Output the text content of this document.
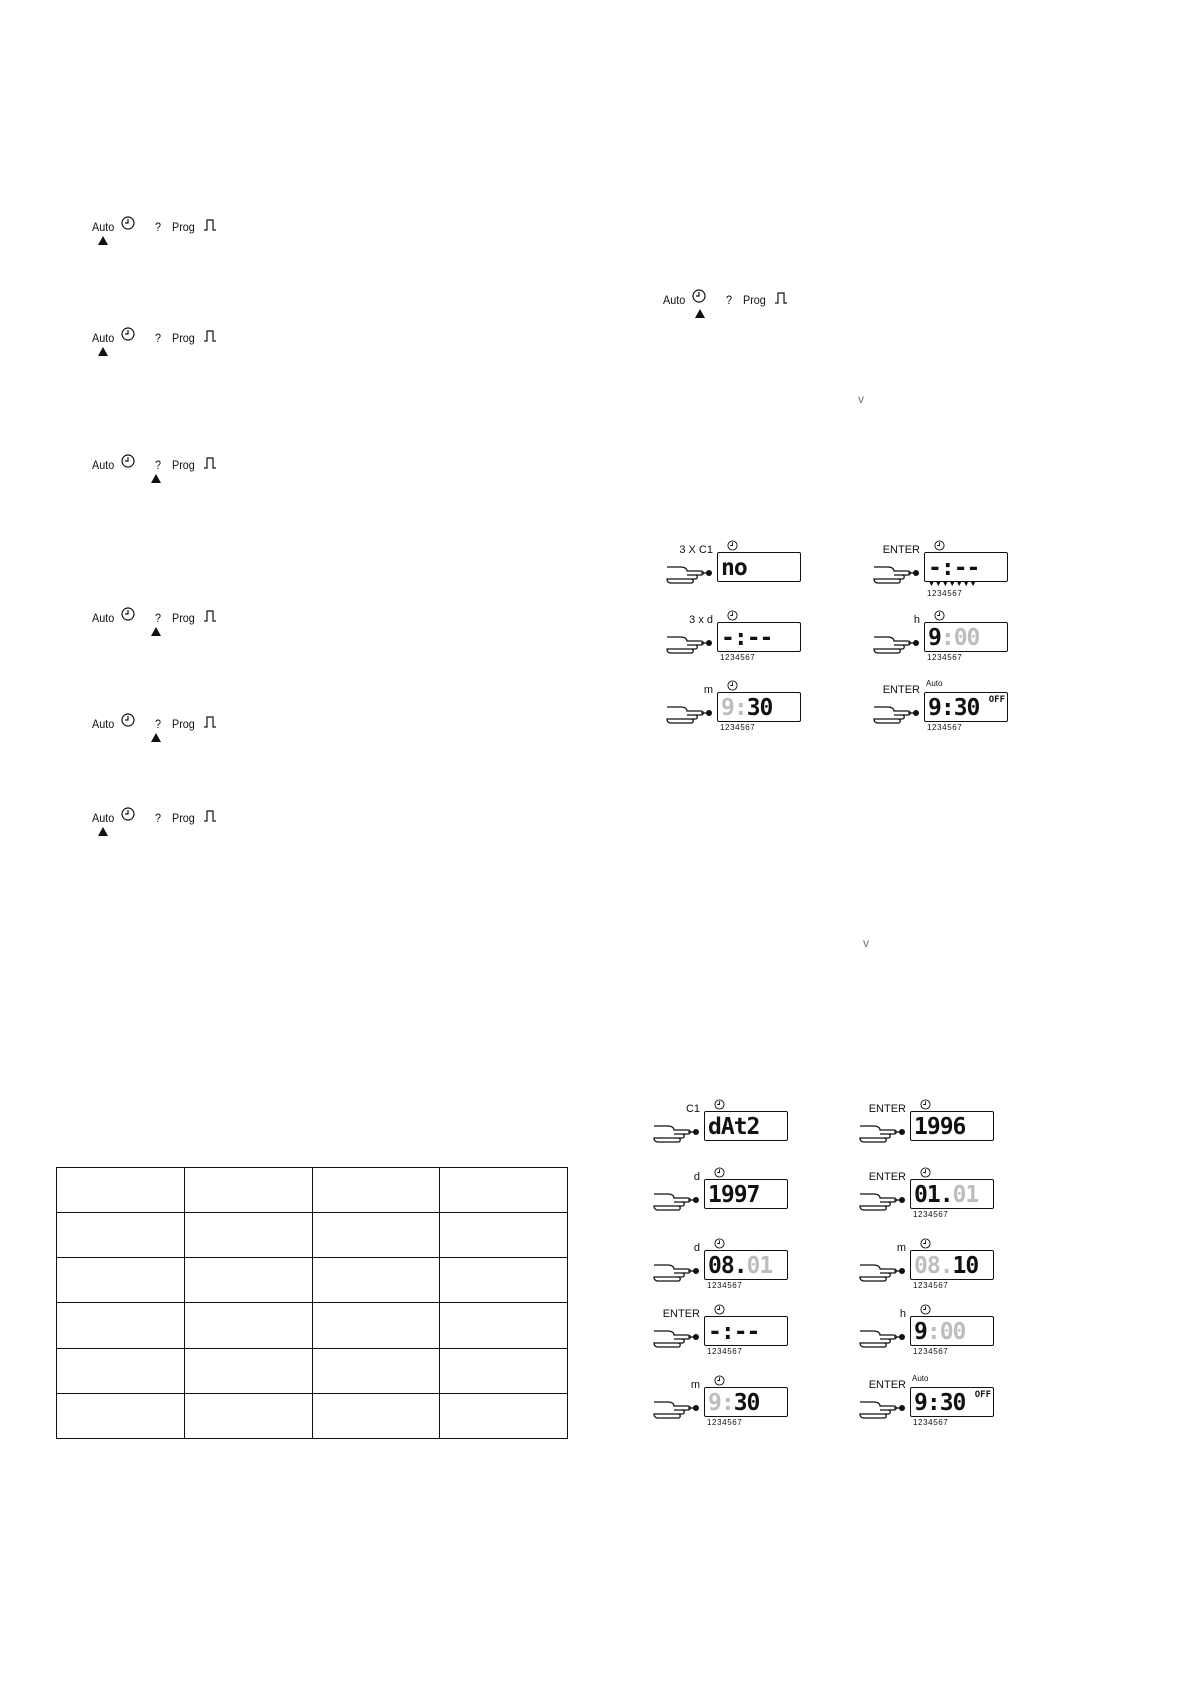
Auto	? Prog
Auto	? Prog
Auto	? Prog
Auto	? Prog
Auto	? Prog
Auto	? Prog
Auto	? Prog
v
v

3 X C1
no
ENTER
-:--
▼▼▼▼▼▼▼
1234567
3 x d
-:--
1234567
h
9:00
1234567
m
9:30
1234567
ENTER
Auto
9:30 OFF
1234567
C1
dAt2
ENTER
1996
d
1997
ENTER
01.01
1234567
d
08.01
1234567
m
08.10
1234567
ENTER
-:--
1234567
h
9:00
1234567
m
9:30
1234567
ENTER
Auto
9:30 OFF
1234567
